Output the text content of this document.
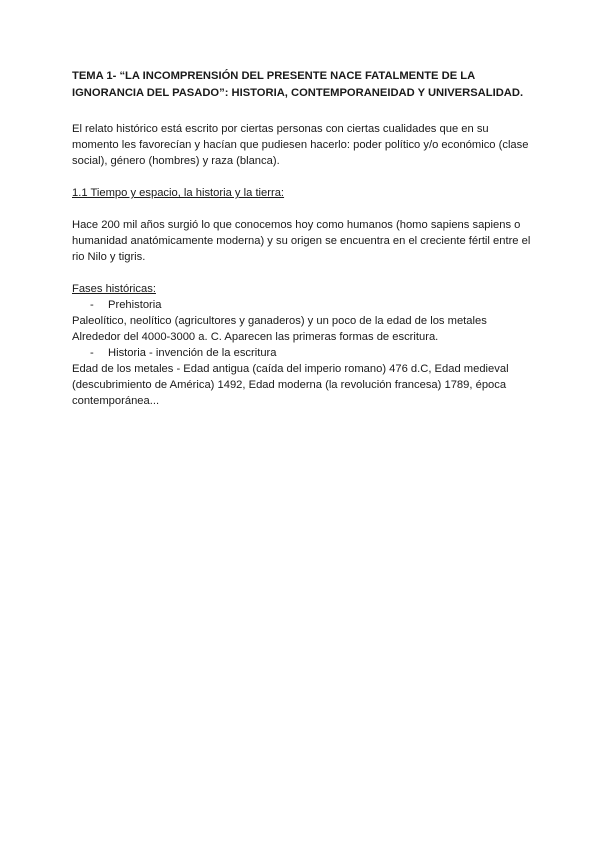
TEMA 1- “LA INCOMPRENSIÓN DEL PRESENTE NACE FATALMENTE DE LA
IGNORANCIA DEL PASADO”: HISTORIA, CONTEMPORANEIDAD Y UNIVERSALIDAD.
El relato histórico está escrito por ciertas personas con ciertas cualidades que en su
momento les favorecían y hacían que pudiesen hacerlo: poder político y/o económico (clase
social), género (hombres) y raza (blanca).
1.1 Tiempo y espacio, la historia y la tierra:
Hace 200 mil años surgió lo que conocemos hoy como humanos (homo sapiens sapiens o
humanidad anatómicamente moderna) y su origen se encuentra en el creciente fértil entre el
rio Nilo y tigris.
Fases históricas:
-	Prehistoria
Paleolítico, neolítico (agricultores y ganaderos) y un poco de la edad de los metales
Alrededor del 4000-3000 a. C. Aparecen las primeras formas de escritura.
-	Historia - invención de la escritura
Edad de los metales - Edad antigua (caída del imperio romano) 476 d.C, Edad medieval
(descubrimiento de América) 1492, Edad moderna (la revolución francesa) 1789, época
contemporánea...
